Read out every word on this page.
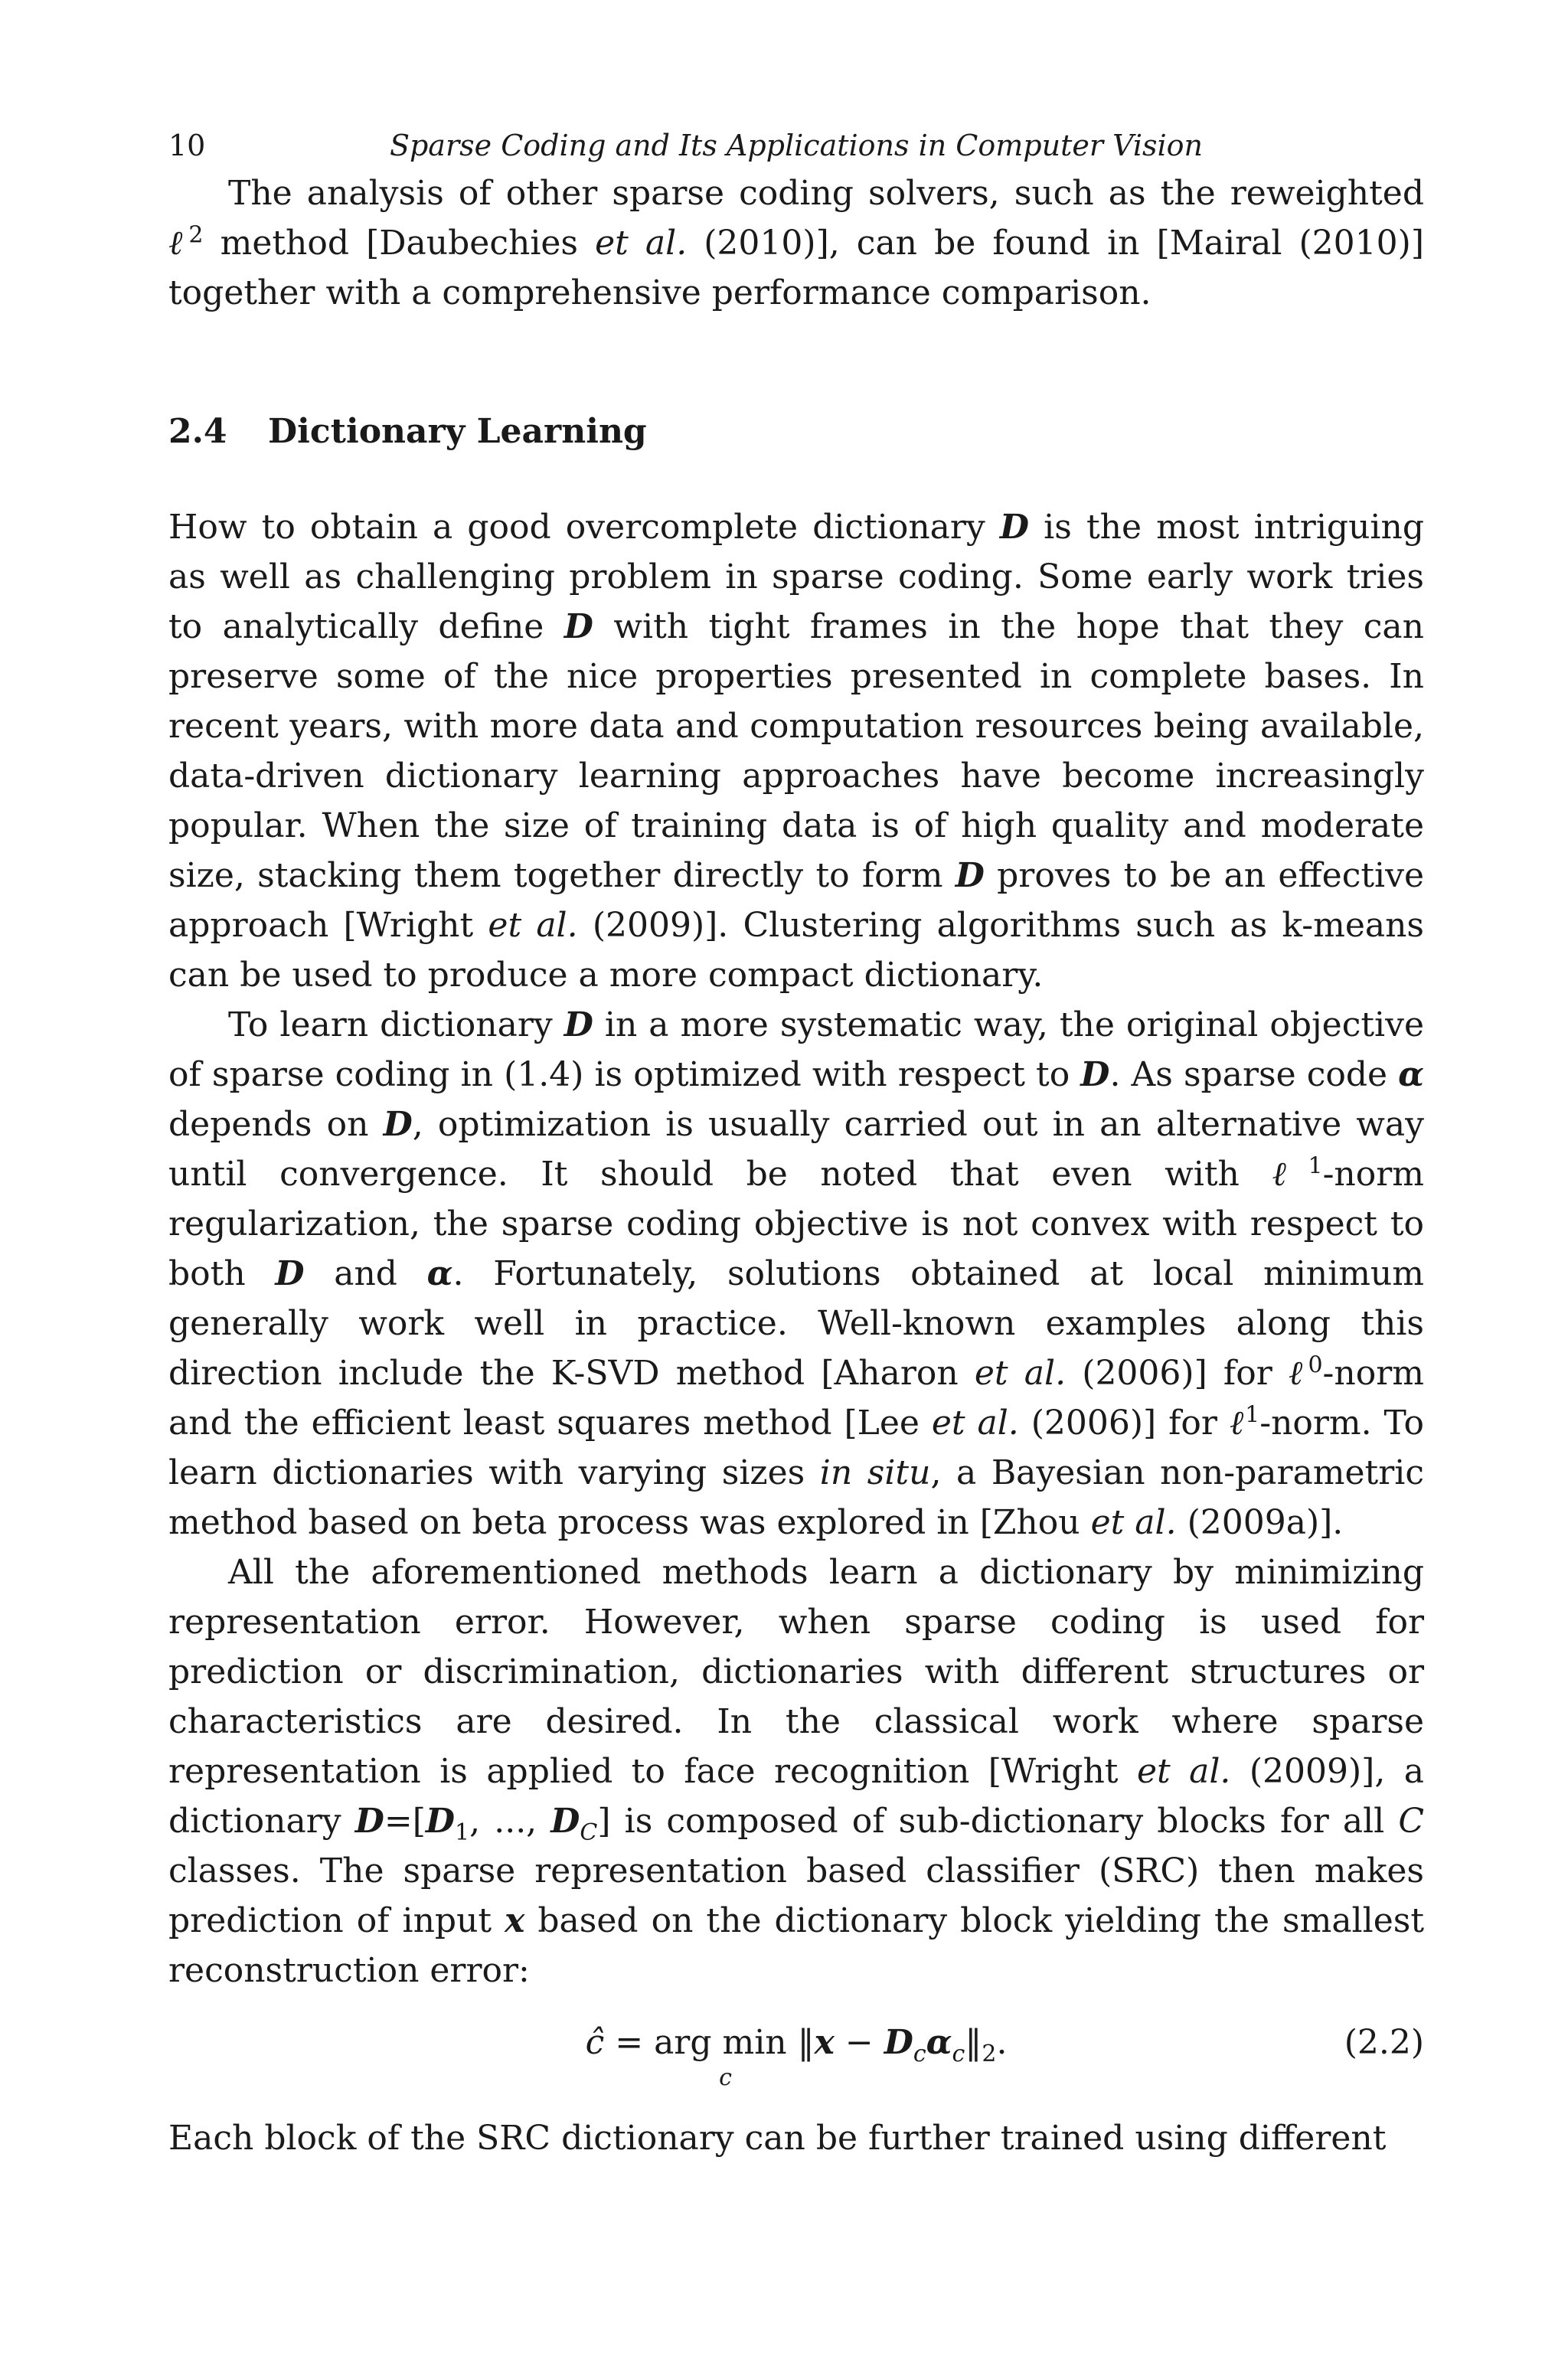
10	Sparse Coding and Its Applications in Computer Vision

The analysis of other sparse coding solvers, such as the reweighted ℓ$^2$ method [Daubechies et al. (2010)], can be found in [Mairal (2010)] together with a comprehensive performance comparison.

2.4 Dictionary Learning

How to obtain a good overcomplete dictionary D is the most intriguing as well as challenging problem in sparse coding. Some early work tries to analytically define D with tight frames in the hope that they can preserve some of the nice properties presented in complete bases. In recent years, with more data and computation resources being available, data-driven dictionary learning approaches have become increasingly popular. When the size of training data is of high quality and moderate size, stacking them together directly to form D proves to be an effective approach [Wright et al. (2009)]. Clustering algorithms such as k-means can be used to produce a more compact dictionary.

To learn dictionary D in a more systematic way, the original objective of sparse coding in (1.4) is optimized with respect to D. As sparse code α depends on D, optimization is usually carried out in an alternative way until convergence. It should be noted that even with ℓ$^1$-norm regularization, the sparse coding objective is not convex with respect to both D and α. Fortunately, solutions obtained at local minimum generally work well in practice. Well-known examples along this direction include the K-SVD method [Aharon et al. (2006)] for ℓ$^0$-norm and the efficient least squares method [Lee et al. (2006)] for ℓ$^1$-norm. To learn dictionaries with varying sizes in situ, a Bayesian non-parametric method based on beta process was explored in [Zhou et al. (2009a)].

All the aforementioned methods learn a dictionary by minimizing representation error. However, when sparse coding is used for prediction or discrimination, dictionaries with different structures or characteristics are desired. In the classical work where sparse representation is applied to face recognition [Wright et al. (2009)], a dictionary $D=[D_1$, ..., $D_C$] is composed of sub-dictionary blocks for all C classes. The sparse representation based classifier (SRC) then makes prediction of input x based on the dictionary block yielding the smallest reconstruction error:

ĉ = arg min
c
‖x − $D_c\alpha_c‖_2$.	(2.2)

Each block of the SRC dictionary can be further trained using different
